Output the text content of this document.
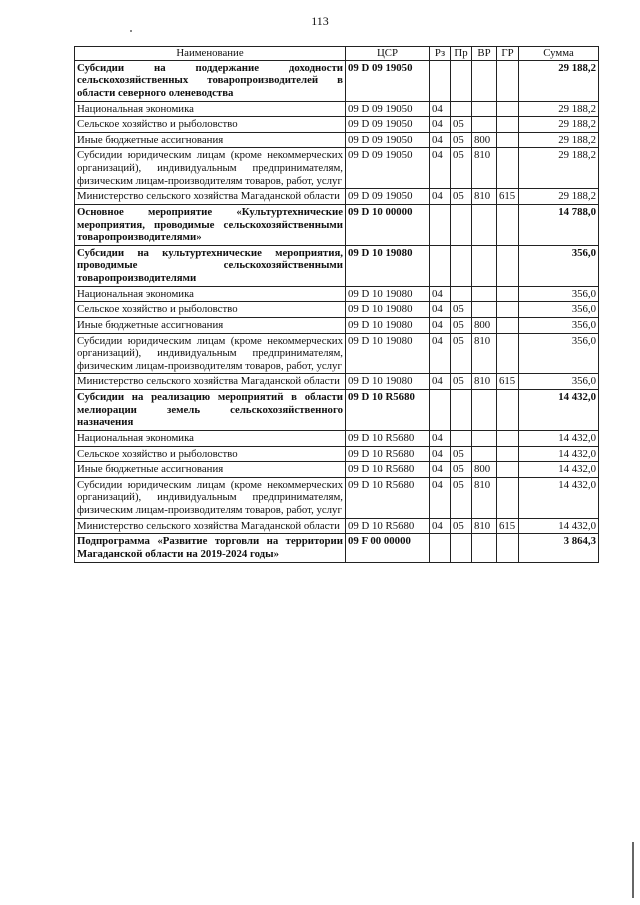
113
Наименование	ЦСР	Рз	Пр	ВР	ГР	Сумма
Субсидии на поддержание доходности сельскохозяйственных товаропроизводителей в области северного оленеводства	09 D 09 19050					29 188,2
Национальная экономика	09 D 09 19050	04				29 188,2
Сельское хозяйство и рыболовство	09 D 09 19050	04	05			29 188,2
Иные бюджетные ассигнования	09 D 09 19050	04	05	800		29 188,2
Субсидии юридическим лицам (кроме некоммерческих организаций), индивидуальным предпринимателям, физическим лицам-производителям товаров, работ, услуг	09 D 09 19050	04	05	810		29 188,2
Министерство сельского хозяйства Магаданской области	09 D 09 19050	04	05	810	615	29 188,2
Основное мероприятие «Культуртехнические мероприятия, проводимые сельскохозяйственными товаропроизводителями»	09 D 10 00000					14 788,0
Субсидии на культуртехнические мероприятия, проводимые сельскохозяйственными товаропроизводителями	09 D 10 19080					356,0
Национальная экономика	09 D 10 19080	04				356,0
Сельское хозяйство и рыболовство	09 D 10 19080	04	05			356,0
Иные бюджетные ассигнования	09 D 10 19080	04	05	800		356,0
Субсидии юридическим лицам (кроме некоммерческих организаций), индивидуальным предпринимателям, физическим лицам-производителям товаров, работ, услуг	09 D 10 19080	04	05	810		356,0
Министерство сельского хозяйства Магаданской области	09 D 10 19080	04	05	810	615	356,0
Субсидии на реализацию мероприятий в области мелиорации земель сельскохозяйственного назначения	09 D 10 R5680					14 432,0
Национальная экономика	09 D 10 R5680	04				14 432,0
Сельское хозяйство и рыболовство	09 D 10 R5680	04	05			14 432,0
Иные бюджетные ассигнования	09 D 10 R5680	04	05	800		14 432,0
Субсидии юридическим лицам (кроме некоммерческих организаций), индивидуальным предпринимателям, физическим лицам-производителям товаров, работ, услуг	09 D 10 R5680	04	05	810		14 432,0
Министерство сельского хозяйства Магаданской области	09 D 10 R5680	04	05	810	615	14 432,0
Подпрограмма «Развитие торговли на территории Магаданской области на 2019-2024 годы»	09 F 00 00000					3 864,3
